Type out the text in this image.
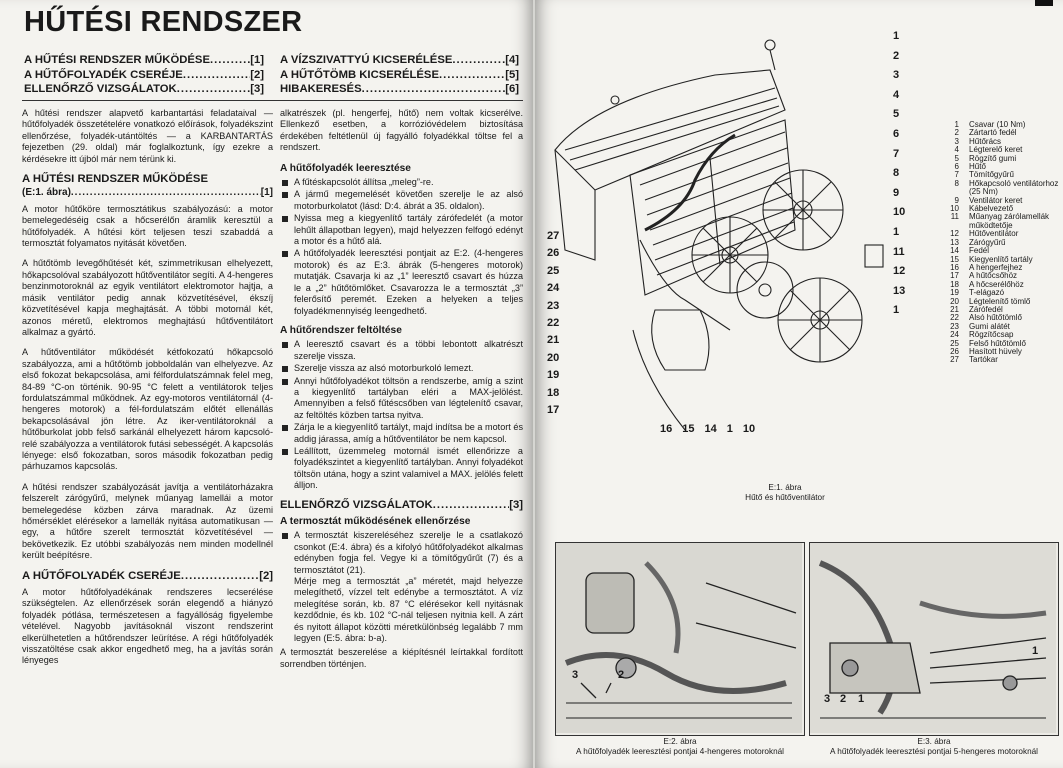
HŰTÉSI RENDSZER
A HŰTÉSI RENDSZER MŰKÖDÉSE .....	[1]
A HŰTŐFOLYADÉK CSERÉJE .....	[2]
ELLENŐRZŐ VIZSGÁLATOK .....	[3]
A VÍZSZIVATTYÚ KICSERÉLÉSE .....	[4]
A HŰTŐTÖMB KICSERÉLÉSE .....	[5]
HIBAKERESÉS .....	[6]

A hűtési rendszer alapvető karbantartási feladataival — hűtőfolyadék összetételére vonatkozó előírások, folyadékszint ellenőrzése, folyadék-utántöltés — a KARBANTARTÁS fejezetben (29. oldal) már foglalkoztunk, így ezekre a kérdésekre itt újból már nem térünk ki.

A HŰTÉSI RENDSZER MŰKÖDÉSE
(E:1. ábra) .....	[1]

A motor hűtőköre termosztátikus szabályozású: a motor bemelegedéséig csak a hőcserélőn áramlik keresztül a hűtőfolyadék. A hűtési kört teljesen teszi szabaddá a termosztát folyamatos nyitását követően.

A hűtőtömb levegőhűtését két, szimmetrikusan elhelyezett, hőkapcsolóval szabályozott hűtőventilátor segíti. A 4-hengeres benzinmotoroknál az egyik ventilátort elektromotor hajtja, a másik ventilátor pedig annak közvetítésével, ékszíj közvetítésével kapja meghajtását. A többi motornál két, azonos méretű, elektromos meghajtású hűtőventilátort alkalmaz a gyártó.

A hűtőventilátor működését kétfokozatú hőkapcsoló szabályozza, ami a hűtőtömb jobboldalán van elhelyezve. Az első fokozat bekapcsolása, ami félfordulatszámnak felel meg, 84-89 °C-on történik. 90-95 °C felett a ventilátorok teljes fordulatszámmal működnek. Az egy-motoros ventilátornál (4-hengeres motorok) a fél-fordulatszám előtét ellenállás bekapcsolásával jön létre. Az iker-ventilátoroknál a hűtőburkolat jobb felső sarkánál elhelyezett három kapcsoló-relé szabályozza a ventilátorok futási sebességét. A kapcsolás lényege: első fokozatban, soros második fokozatban pedig párhuzamos kapcsolás.

A hűtési rendszer szabályozását javítja a ventilátorházakra felszerelt zárógyűrű, melynek műanyag lamellái a motor bemelegedése közben zárva maradnak. Az üzemi hőmérséklet elérésekor a lamellák nyitása automatikusan — egy, a hűtőre szerelt termosztát közvetítésével — bekövetkezik. Ez utóbbi szabályozás nem minden modellnél került beépítésre.

A HŰTŐFOLYADÉK CSERÉJE .....	[2]

A motor hűtőfolyadékának rendszeres lecserélése szükségtelen. Az ellenőrzések során elegendő a hiányzó folyadék pótlása, természetesen a fagyállóság figyelembe vételével. Nagyobb javításoknál viszont rendszerint elkerülhetetlen a hűtőrendszer leürítése. A régi hűtőfolyadék visszatöltése csak akkor engedhető meg, ha a javítás során lényeges

alkatrészek (pl. hengerfej, hűtő) nem voltak kicserélve. Ellenkező esetben, a korrózióvédelem biztosítása érdekében feltétlenül új fagyálló folyadékkal töltse fel a rendszert.

A hűtőfolyadék leeresztése
A fűtéskapcsolót állítsa „meleg”-re.
A jármű megemelését követően szerelje le az alsó motorburkolatot (lásd: D:4. ábrát a 35. oldalon).
Nyissa meg a kiegyenlítő tartály zárófedelét (a motor lehűlt állapotban legyen), majd helyezzen felfogó edényt a motor és a hűtő alá.
A hűtőfolyadék leeresztési pontjait az E:2. (4-hengeres motorok) és az E:3. ábrák (5-hengeres motorok) mutatják. Csavarja ki az „1” leeresztő csavart és húzza le a „2” hűtőtömlőket. Csavarozza le a termosztát „3” felerősítő peremét. Ezeken a helyeken a teljes folyadékmennyiség leengedhető.
A hűtőrendszer feltöltése
A leeresztő csavart és a többi lebontott alkatrészt szerelje vissza.
Szerelje vissza az alsó motorburkoló lemezt.
Annyi hűtőfolyadékot töltsön a rendszerbe, amíg a szint a kiegyenlítő tartályban eléri a MAX-jelölést. Amennyiben a felső fűtéscsőben van légtelenítő csavar, az feltöltés közben tartsa nyitva.
Zárja le a kiegyenlítő tartályt, majd indítsa be a motort és addig járassa, amíg a hűtőventilátor be nem kapcsol.
Leállított, üzemmeleg motornál ismét ellenőrizze a folyadékszintet a kiegyenlítő tartályban. Annyi folyadékot töltsön utána, hogy a szint valamivel a MAX. jelölés felett álljon.
ELLENŐRZŐ VIZSGÁLATOK .....	[3]
A termosztát működésének ellenőrzése
A termosztát kiszereléséhez szerelje le a csatlakozó csonkot (E:4. ábra) és a kifolyó hűtőfolyadékot alkalmas edényben fogja fel. Vegye ki a tömítőgyűrűt (7) és a termosztátot (21).

Mérje meg a termosztát „a” méretét, majd helyezze melegíthető, vízzel telt edénybe a termosztátot. A víz melegítése során, kb. 87 °C elérésekor kell nyitásnak kezdődnie, és kb. 102 °C-nál teljesen nyitnia kell. A zárt és nyitott állapot közötti méretkülönbség legalább 7 mm legyen (E:5. ábra: b-a).

A termosztát beszerelése a kiépítésnél leírtakkal fordított sorrendben történjen.

1
2
3
4
5
6
7
8
9
10
1
11
12
13
1
27
26
25
24
23
22
21
20
19
18
17
16 15 14 1 10
E:1. ábra
Hűtő és hűtőventilátor
1 Csavar (10 Nm)
2 Zártartó fedél
3 Hűtőrács
4 Légterelő keret
5 Rögzítő gumi
6 Hűtő
7 Tömítőgyűrű
8 Hőkapcsoló ventilátorhoz (25 Nm)
9 Ventilátor keret
10 Kábelvezető
11 Műanyag zárólamellák működtetője
12 Hűtőventilátor
13 Zárógyűrű
14 Fedél
15 Kiegyenlítő tartály
16 A hengerfejhez
17 A hűtőcsőhöz
18 A hőcserélőhöz
19 T-elágazó
20 Légtelenítő tömlő
21 Zárófedél
22 Alsó hűtőtömlő
23 Gumi alátét
24 Rögzítőcsap
25 Felső hűtőtömlő
26 Hasított hüvely
27 Tartókar
3	2
E:2. ábra
A hűtőfolyadék leeresztési pontjai 4-hengeres motoroknál
3 2 1
1
E:3. ábra
A hűtőfolyadék leeresztési pontjai 5-hengeres motoroknál
